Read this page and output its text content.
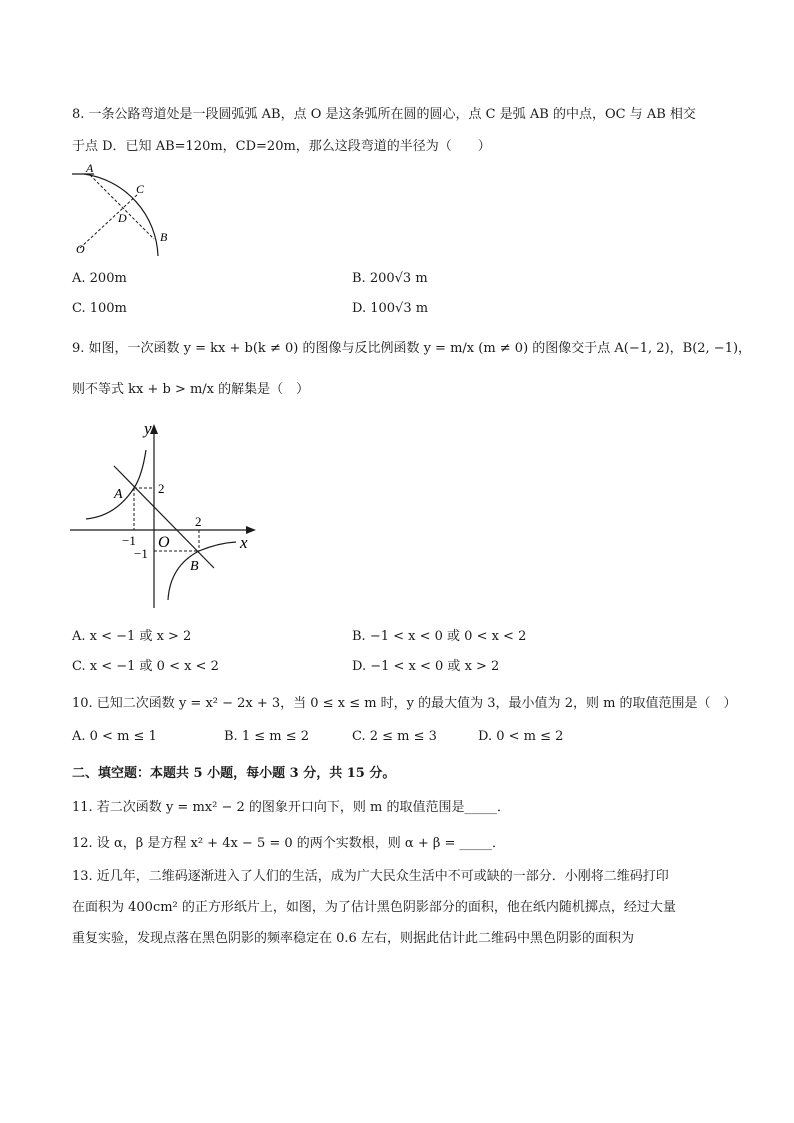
8. 一条公路弯道处是一段圆弧弧 AB，点 O 是这条弧所在圆的圆心，点 C 是弧 AB 的中点，OC 与 AB 相交
于点 D．已知 AB=120m，CD=20m，那么这段弯道的半径为（　　）
A
C
D
B
O
A. 200m	B. 200√3 m
C. 100m	D. 100√3 m
9. 如图，一次函数 y = kx + b(k ≠ 0) 的图像与反比例函数 y = m/x (m ≠ 0) 的图像交于点 A(−1, 2)，B(2, −1)，
则不等式 kx + b > m/x 的解集是（　）
y
x
O
A
B
2
−1
2
−1
A. x < −1 或 x > 2	B. −1 < x < 0 或 0 < x < 2
C. x < −1 或 0 < x < 2	D. −1 < x < 0 或 x > 2
10. 已知二次函数 y = x² − 2x + 3，当 0 ≤ x ≤ m 时，y 的最大值为 3，最小值为 2，则 m 的取值范围是（　）
A. 0 < m ≤ 1	B. 1 ≤ m ≤ 2	C. 2 ≤ m ≤ 3	D. 0 < m ≤ 2
二、填空题：本题共 5 小题，每小题 3 分，共 15 分。
11. 若二次函数 y = mx² − 2 的图象开口向下，则 m 的取值范围是_____．
12. 设 α，β 是方程 x² + 4x − 5 = 0 的两个实数根，则 α + β = _____．
13. 近几年，二维码逐渐进入了人们的生活，成为广大民众生活中不可或缺的一部分．小刚将二维码打印
在面积为 400cm² 的正方形纸片上，如图，为了估计黑色阴影部分的面积，他在纸内随机掷点，经过大量
重复实验，发现点落在黑色阴影的频率稳定在 0.6 左右，则据此估计此二维码中黑色阴影的面积为
